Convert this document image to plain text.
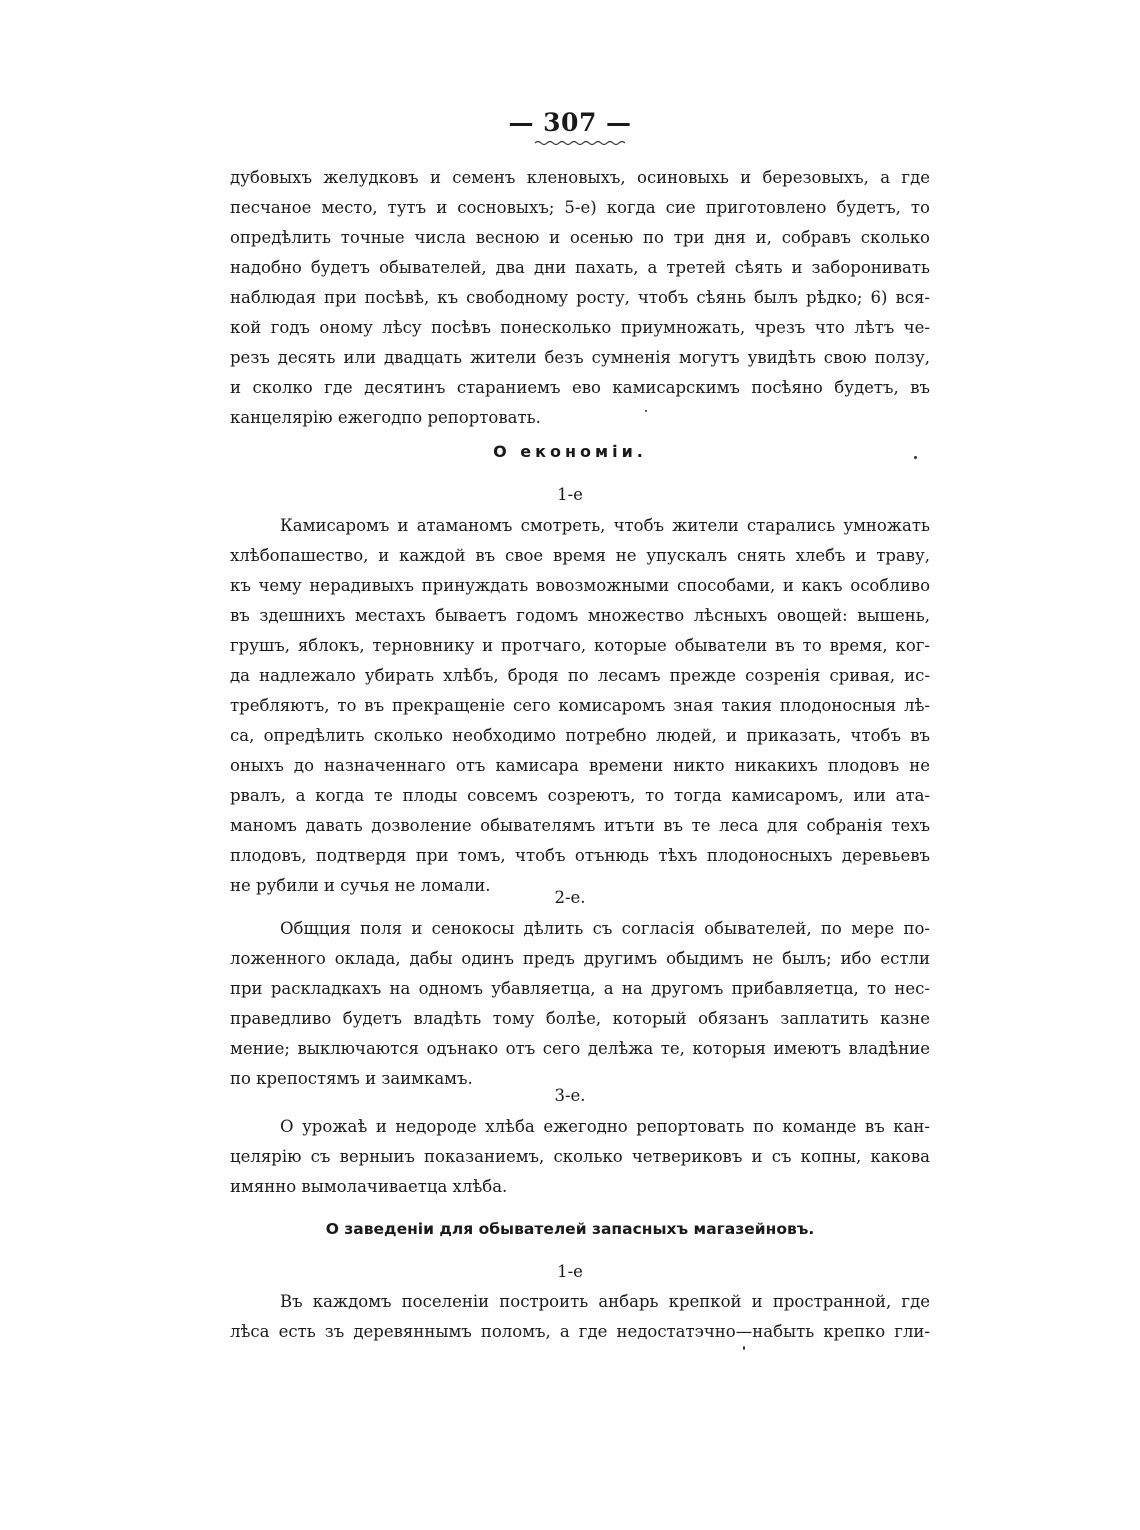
— 307 —
дубовыхъ желудковъ и семенъ кленовыхъ, осиновыхь и березовыхъ, а где
песчаное место, тутъ и сосновыхъ; 5-е) когда сие приготовлено будетъ, то
опредѣлить точные числа весною и осенью по три дня и, собравъ сколько
надобно будетъ обывателей, два дни пахать, а третей сѣять и заборонивать
наблюдая при посѣвѣ, къ свободному росту, чтобъ сѣянь былъ рѣдко; 6) вся-
кой годъ оному лѣсу посѣвъ понесколько приумножать, чрезъ что лѣтъ че-
резъ десять или двадцать жители безъ сумненія могутъ увидѣть свою ползу,
и сколко где десятинъ стараниемъ ево камисарскимъ посѣяно будетъ, въ
канцелярію ежегодпо репортовать.
О економіи.
1-е
Камисаромъ и атаманомъ смотреть, чтобъ жители старались умножать
хлѣбопашество, и каждой въ свое время не упускалъ снять хлебъ и траву,
къ чему нерадивыхъ принуждать вовозможными способами, и какъ особливо
въ здешнихъ местахъ бываетъ годомъ множество лѣсныхъ овощей: вышень,
грушъ, яблокъ, терновнику и протчаго, которые обыватели въ то время, ког-
да надлежало убирать хлѣбъ, бродя по лесамъ прежде созренія сривая, ис-
требляютъ, то въ прекращеніе сего комисаромъ зная такия плодоносныя лѣ-
са, опредѣлить сколько необходимо потребно людей, и приказать, чтобъ въ
оныхъ до назначеннаго отъ камисара времени никто никакихъ плодовъ не
рвалъ, а когда те плоды совсемъ созреютъ, то тогда камисаромъ, или ата-
маномъ давать дозволение обывателямъ итъти въ те леса для собранія техъ
плодовъ, подтвердя при томъ, чтобъ отънюдь тѣхъ плодоносныхъ деревьевъ
не рубили и сучья не ломали.
2-е.
Общция поля и сенокосы дѣлить съ согласія обывателей, по мере по-
ложенного оклада, дабы одинъ предъ другимъ обыдимъ не былъ; ибо естли
при раскладкахъ на одномъ убавляетца, а на другомъ прибавляетца, то нес-
праведливо будетъ владѣть тому болѣе, который обязанъ заплатить казне
мение; выключаются одънако отъ сего делѣжа те, которыя имеютъ владѣние
по крепостямъ и заимкамъ.
3-е.
О урожаѣ и недороде хлѣба ежегодно репортовать по команде въ кан-
целярію съ верныиъ показаниемъ, сколько четвериковъ и съ копны, какова
имянно вымолачиваетца хлѣба.
О заведеніи для обывателей запасныхъ магазейновъ.
1-е
Въ каждомъ поселеніи построить анбарь крепкой и пространной, где
лѣса есть зъ деревяннымъ поломъ, а где недостатэчно—набыть крепко гли-
